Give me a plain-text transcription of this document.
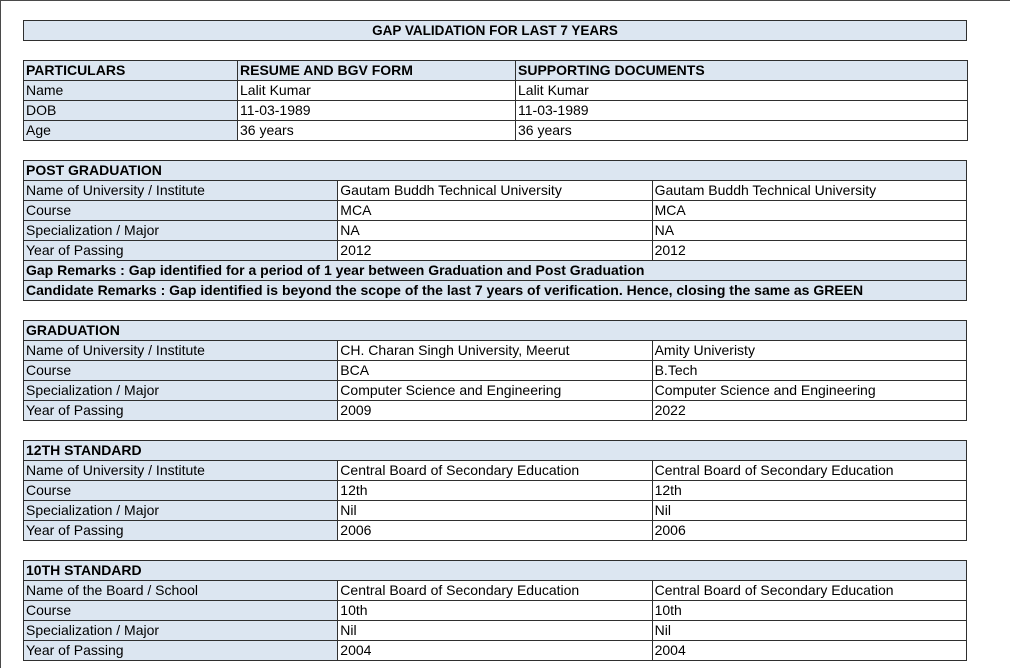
GAP VALIDATION FOR LAST 7 YEARS
PARTICULARS	RESUME AND BGV FORM	SUPPORTING DOCUMENTS
Name	Lalit Kumar	Lalit Kumar
DOB	11-03-1989	11-03-1989
Age	36 years	36 years
POST GRADUATION		
Name of University / Institute	Gautam Buddh Technical University	Gautam Buddh Technical University
Course	MCA	MCA
Specialization / Major	NA	NA
Year of Passing	2012	2012
Gap Remarks : Gap identified for a period of 1 year between Graduation and Post Graduation		
Candidate Remarks : Gap identified is beyond the scope of the last 7 years of verification. Hence, closing the same as GREEN		
GRADUATION		
Name of University / Institute	CH. Charan Singh University, Meerut	Amity Univeristy
Course	BCA	B.Tech
Specialization / Major	Computer Science and Engineering	Computer Science and Engineering
Year of Passing	2009	2022
12TH STANDARD		
Name of University / Institute	Central Board of Secondary Education	Central Board of Secondary Education
Course	12th	12th
Specialization / Major	Nil	Nil
Year of Passing	2006	2006
10TH STANDARD		
Name of the Board / School	Central Board of Secondary Education	Central Board of Secondary Education
Course	10th	10th
Specialization / Major	Nil	Nil
Year of Passing	2004	2004
